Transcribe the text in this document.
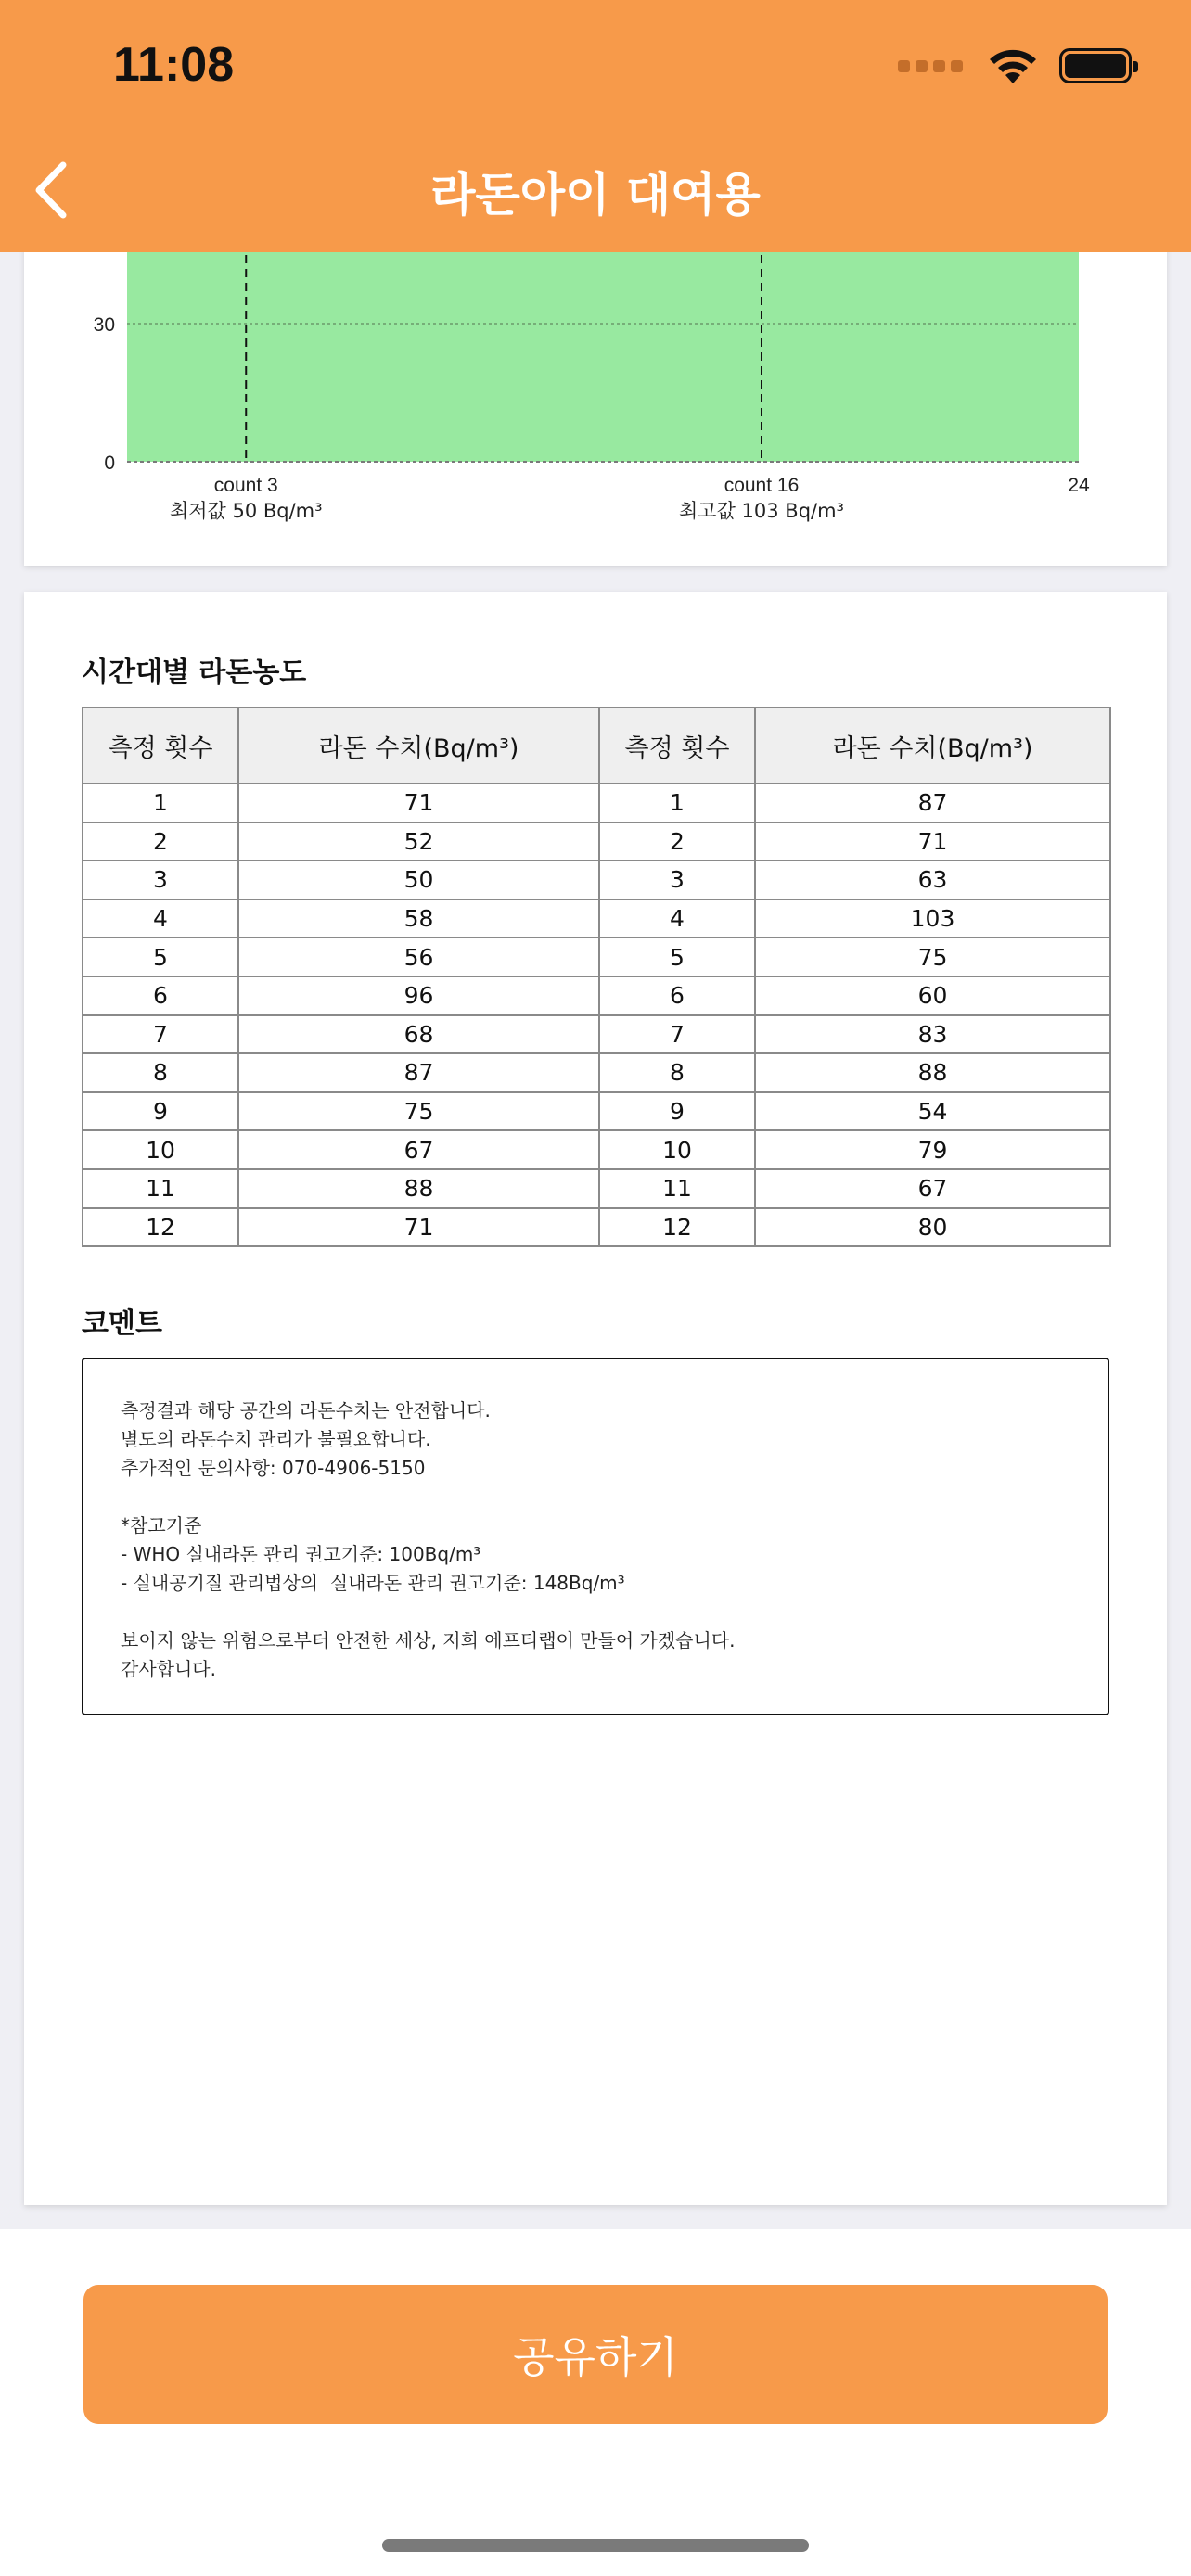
11:08
라돈아이 대여용
0
30
count 3
최저값 50 Bq/m³
count 16
최고값 103 Bq/m³
24
시간대별 라돈농도
측정 횟수	라돈 수치(Bq/m³)	측정 횟수	라돈 수치(Bq/m³)
1	71	1	87
2	52	2	71
3	50	3	63
4	58	4	103
5	56	5	75
6	96	6	60
7	68	7	83
8	87	8	88
9	75	9	54
10	67	10	79
11	88	11	67
12	71	12	80
코멘트
측정결과 해당 공간의 라돈수치는 안전합니다.
별도의 라돈수치 관리가 불필요합니다.
추가적인 문의사항: 070-4906-5150
*참고기준
- WHO 실내라돈 관리 권고기준: 100Bq/m³
- 실내공기질 관리법상의  실내라돈 관리 권고기준: 148Bq/m³
보이지 않는 위험으로부터 안전한 세상, 저희 에프티랩이 만들어 가겠습니다.
감사합니다.
공유하기
